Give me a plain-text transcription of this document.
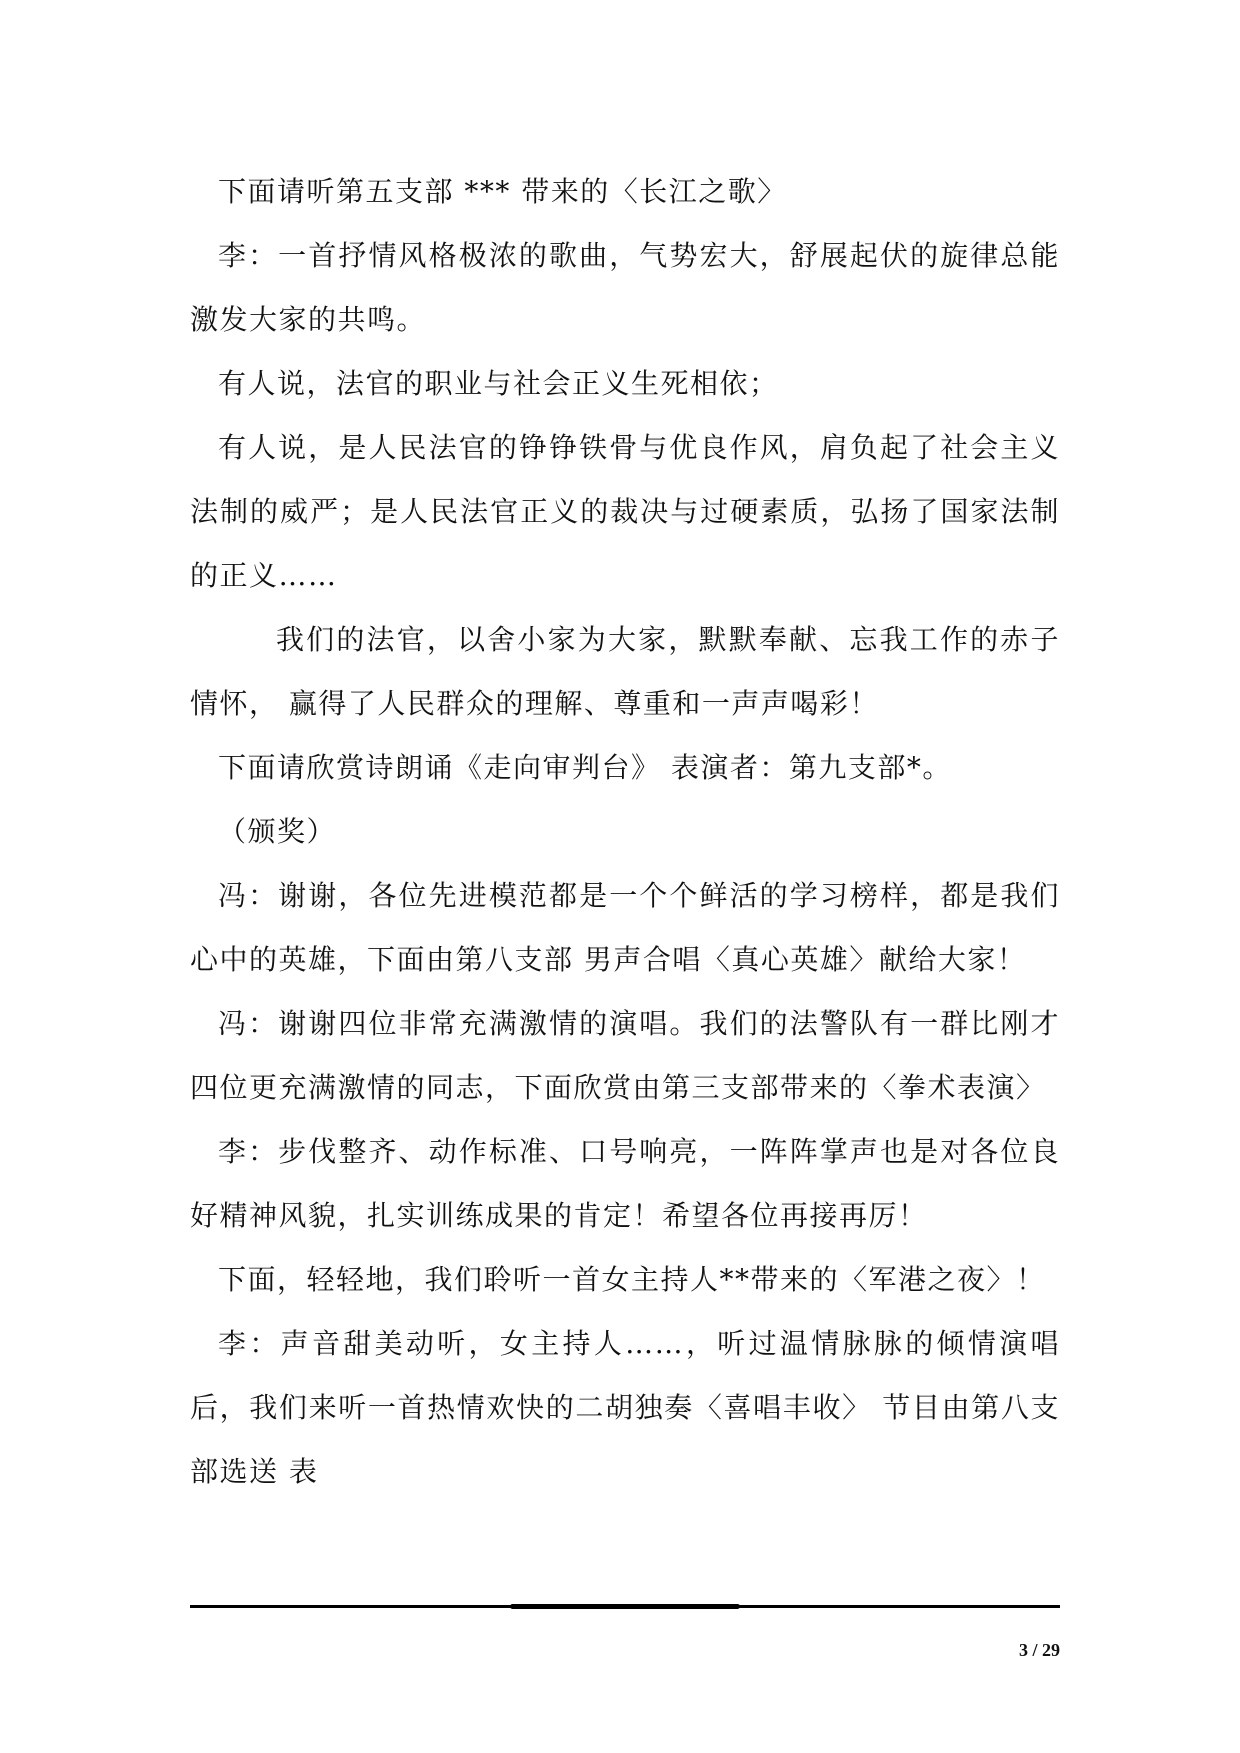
下面请听第五支部 *** 带来的〈长江之歌〉

李：一首抒情风格极浓的歌曲，气势宏大，舒展起伏的旋律总能激发大家的共鸣。

有人说，法官的职业与社会正义生死相依；

有人说，是人民法官的铮铮铁骨与优良作风，肩负起了社会主义法制的威严；是人民法官正义的裁决与过硬素质，弘扬了国家法制的正义……

我们的法官，以舍小家为大家，默默奉献、忘我工作的赤子情怀， 赢得了人民群众的理解、尊重和一声声喝彩！

下面请欣赏诗朗诵《走向审判台》 表演者：第九支部*。

（颁奖）

冯：谢谢，各位先进模范都是一个个鲜活的学习榜样，都是我们心中的英雄，下面由第八支部 男声合唱〈真心英雄〉献给大家！

冯：谢谢四位非常充满激情的演唱。我们的法警队有一群比刚才四位更充满激情的同志，下面欣赏由第三支部带来的〈拳术表演〉

李：步伐整齐、动作标准、口号响亮，一阵阵掌声也是对各位良好精神风貌，扎实训练成果的肯定！希望各位再接再厉！

下面，轻轻地，我们聆听一首女主持人**带来的〈军港之夜〉！

李：声音甜美动听，女主持人……，听过温情脉脉的倾情演唱后，我们来听一首热情欢快的二胡独奏〈喜唱丰收〉 节目由第八支部选送 表

3 / 29
